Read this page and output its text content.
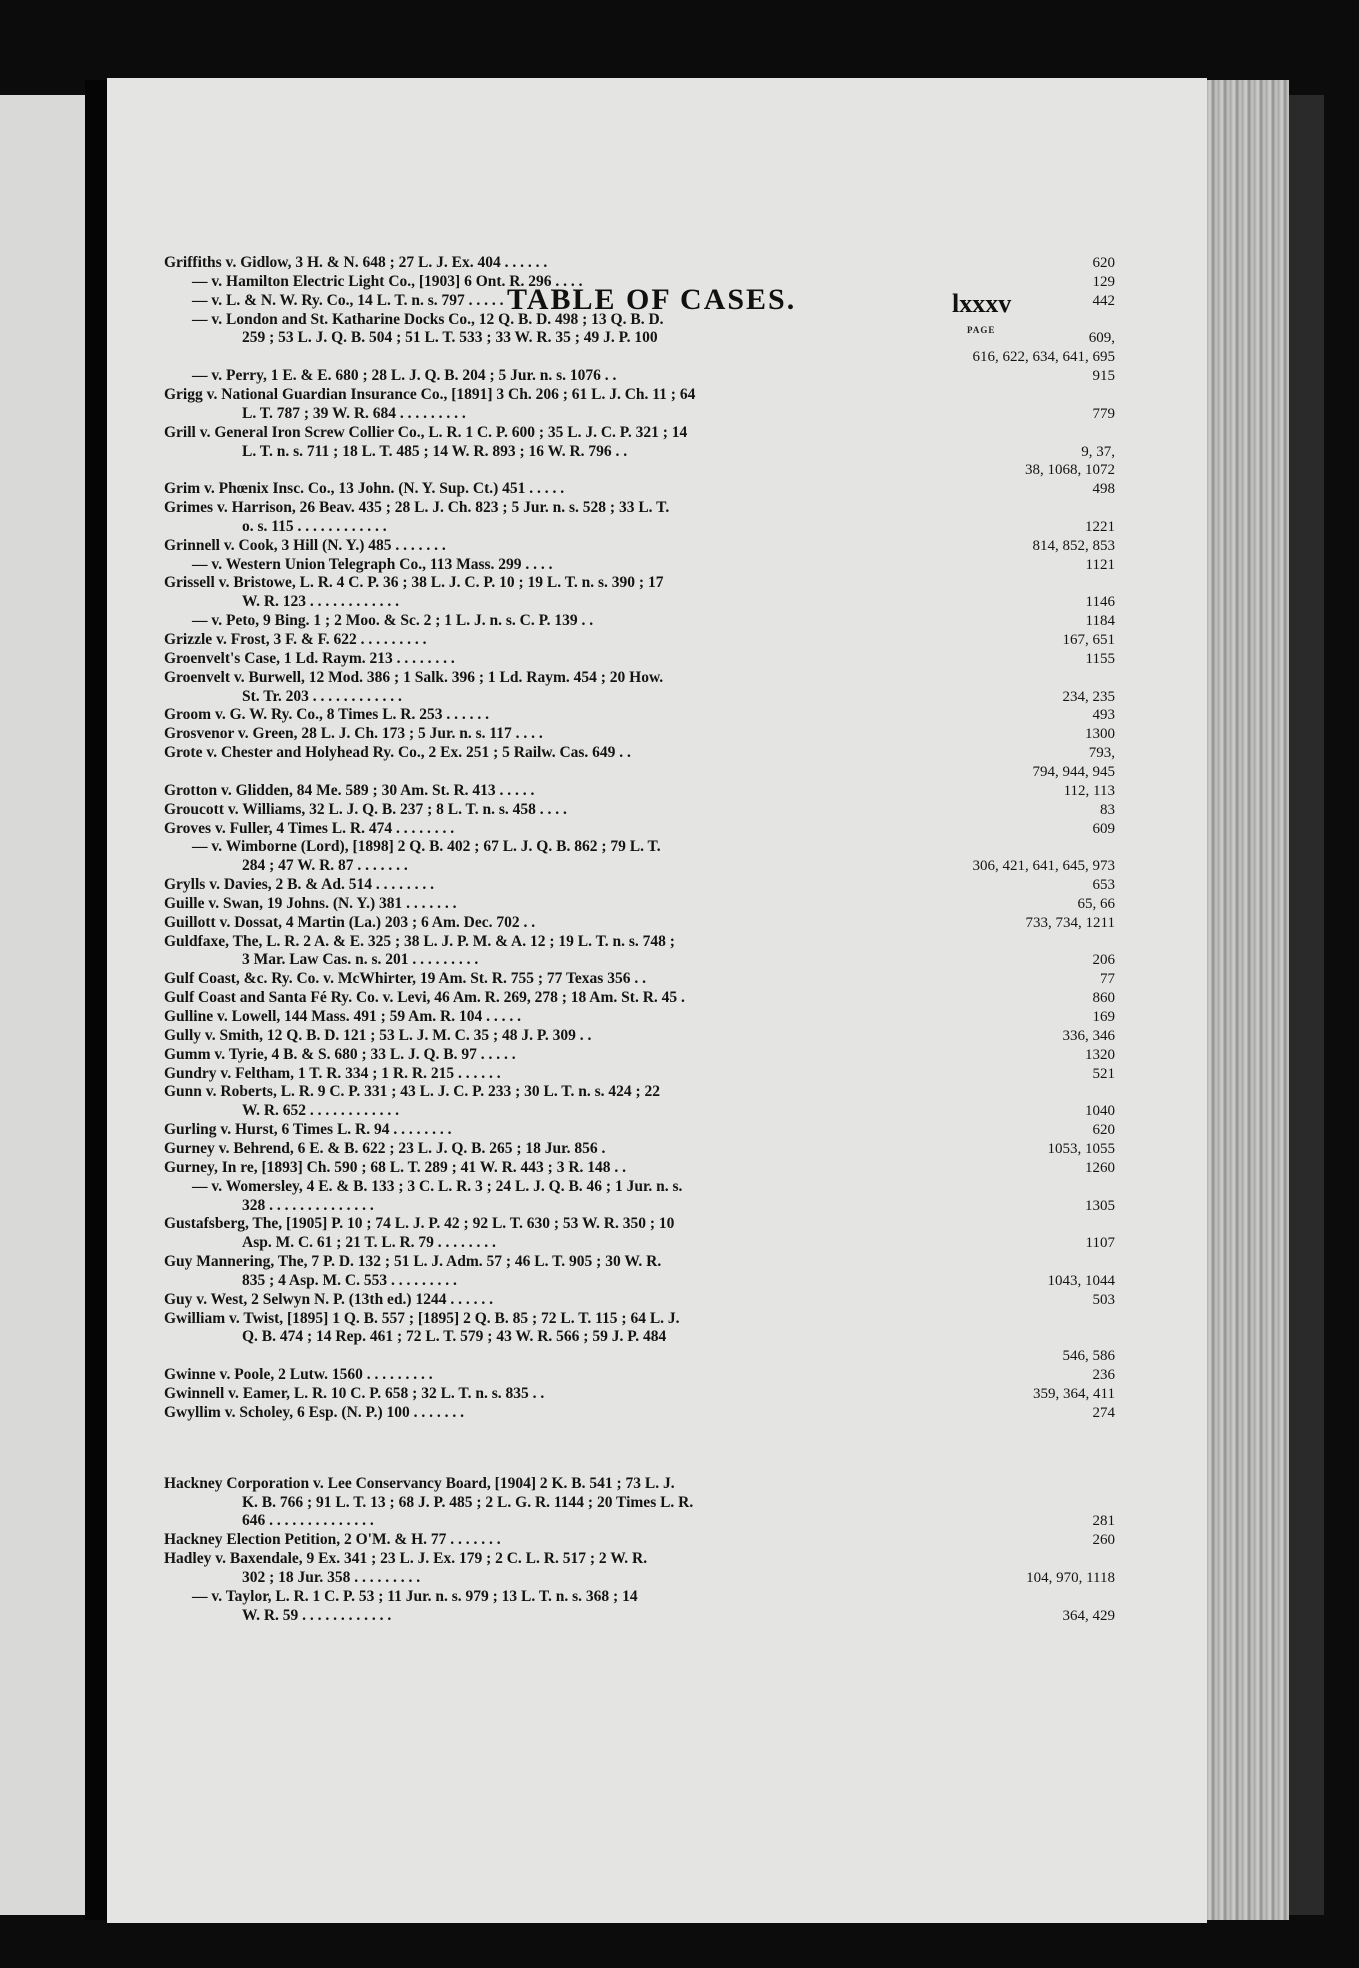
TABLE OF CASES.	lxxxv
PAGE
Griffiths v. Gidlow, 3 H. & N. 648 ; 27 L. J. Ex. 404 . . . . . .	620
— v. Hamilton Electric Light Co., [1903] 6 Ont. R. 296 . . . .	129
— v. L. & N. W. Ry. Co., 14 L. T. n. s. 797 . . . . .	442
— v. London and St. Katharine Docks Co., 12 Q. B. D. 498 ; 13 Q. B. D.
259 ; 53 L. J. Q. B. 504 ; 51 L. T. 533 ; 33 W. R. 35 ; 49 J. P. 100	609,
616, 622, 634, 641, 695
— v. Perry, 1 E. & E. 680 ; 28 L. J. Q. B. 204 ; 5 Jur. n. s. 1076 . .	915
Grigg v. National Guardian Insurance Co., [1891] 3 Ch. 206 ; 61 L. J. Ch. 11 ; 64
L. T. 787 ; 39 W. R. 684 . . . . . . . . .	779
Grill v. General Iron Screw Collier Co., L. R. 1 C. P. 600 ; 35 L. J. C. P. 321 ; 14
L. T. n. s. 711 ; 18 L. T. 485 ; 14 W. R. 893 ; 16 W. R. 796 . .	9, 37,
38, 1068, 1072
Grim v. Phœnix Insc. Co., 13 John. (N. Y. Sup. Ct.) 451 . . . . .	498
Grimes v. Harrison, 26 Beav. 435 ; 28 L. J. Ch. 823 ; 5 Jur. n. s. 528 ; 33 L. T.
o. s. 115 . . . . . . . . . . . .	1221
Grinnell v. Cook, 3 Hill (N. Y.) 485 . . . . . . .	814, 852, 853
— v. Western Union Telegraph Co., 113 Mass. 299 . . . .	1121
Grissell v. Bristowe, L. R. 4 C. P. 36 ; 38 L. J. C. P. 10 ; 19 L. T. n. s. 390 ; 17
W. R. 123 . . . . . . . . . . . .	1146
— v. Peto, 9 Bing. 1 ; 2 Moo. & Sc. 2 ; 1 L. J. n. s. C. P. 139 . .	1184
Grizzle v. Frost, 3 F. & F. 622 . . . . . . . . .	167, 651
Groenvelt's Case, 1 Ld. Raym. 213 . . . . . . . .	1155
Groenvelt v. Burwell, 12 Mod. 386 ; 1 Salk. 396 ; 1 Ld. Raym. 454 ; 20 How.
St. Tr. 203 . . . . . . . . . . . .	234, 235
Groom v. G. W. Ry. Co., 8 Times L. R. 253 . . . . . .	493
Grosvenor v. Green, 28 L. J. Ch. 173 ; 5 Jur. n. s. 117 . . . .	1300
Grote v. Chester and Holyhead Ry. Co., 2 Ex. 251 ; 5 Railw. Cas. 649 . .	793,
794, 944, 945
Grotton v. Glidden, 84 Me. 589 ; 30 Am. St. R. 413 . . . . .	112, 113
Groucott v. Williams, 32 L. J. Q. B. 237 ; 8 L. T. n. s. 458 . . . .	83
Groves v. Fuller, 4 Times L. R. 474 . . . . . . . .	609
— v. Wimborne (Lord), [1898] 2 Q. B. 402 ; 67 L. J. Q. B. 862 ; 79 L. T.
284 ; 47 W. R. 87 . . . . . . .	306, 421, 641, 645, 973
Grylls v. Davies, 2 B. & Ad. 514 . . . . . . . .	653
Guille v. Swan, 19 Johns. (N. Y.) 381 . . . . . . .	65, 66
Guillott v. Dossat, 4 Martin (La.) 203 ; 6 Am. Dec. 702 . .	733, 734, 1211
Guldfaxe, The, L. R. 2 A. & E. 325 ; 38 L. J. P. M. & A. 12 ; 19 L. T. n. s. 748 ;
3 Mar. Law Cas. n. s. 201 . . . . . . . . .	206
Gulf Coast, &c. Ry. Co. v. McWhirter, 19 Am. St. R. 755 ; 77 Texas 356 . .	77
Gulf Coast and Santa Fé Ry. Co. v. Levi, 46 Am. R. 269, 278 ; 18 Am. St. R. 45 .	860
Gulline v. Lowell, 144 Mass. 491 ; 59 Am. R. 104 . . . . .	169
Gully v. Smith, 12 Q. B. D. 121 ; 53 L. J. M. C. 35 ; 48 J. P. 309 . .	336, 346
Gumm v. Tyrie, 4 B. & S. 680 ; 33 L. J. Q. B. 97 . . . . .	1320
Gundry v. Feltham, 1 T. R. 334 ; 1 R. R. 215 . . . . . .	521
Gunn v. Roberts, L. R. 9 C. P. 331 ; 43 L. J. C. P. 233 ; 30 L. T. n. s. 424 ; 22
W. R. 652 . . . . . . . . . . . .	1040
Gurling v. Hurst, 6 Times L. R. 94 . . . . . . . .	620
Gurney v. Behrend, 6 E. & B. 622 ; 23 L. J. Q. B. 265 ; 18 Jur. 856 .	1053, 1055
Gurney, In re, [1893] Ch. 590 ; 68 L. T. 289 ; 41 W. R. 443 ; 3 R. 148 . .	1260
— v. Womersley, 4 E. & B. 133 ; 3 C. L. R. 3 ; 24 L. J. Q. B. 46 ; 1 Jur. n. s.
328 . . . . . . . . . . . . . .	1305
Gustafsberg, The, [1905] P. 10 ; 74 L. J. P. 42 ; 92 L. T. 630 ; 53 W. R. 350 ; 10
Asp. M. C. 61 ; 21 T. L. R. 79 . . . . . . . .	1107
Guy Mannering, The, 7 P. D. 132 ; 51 L. J. Adm. 57 ; 46 L. T. 905 ; 30 W. R.
835 ; 4 Asp. M. C. 553 . . . . . . . . .	1043, 1044
Guy v. West, 2 Selwyn N. P. (13th ed.) 1244 . . . . . .	503
Gwilliam v. Twist, [1895] 1 Q. B. 557 ; [1895] 2 Q. B. 85 ; 72 L. T. 115 ; 64 L. J.
Q. B. 474 ; 14 Rep. 461 ; 72 L. T. 579 ; 43 W. R. 566 ; 59 J. P. 484
546, 586
Gwinne v. Poole, 2 Lutw. 1560 . . . . . . . . .	236
Gwinnell v. Eamer, L. R. 10 C. P. 658 ; 32 L. T. n. s. 835 . .	359, 364, 411
Gwyllim v. Scholey, 6 Esp. (N. P.) 100 . . . . . . .	274
Hackney Corporation v. Lee Conservancy Board, [1904] 2 K. B. 541 ; 73 L. J.
K. B. 766 ; 91 L. T. 13 ; 68 J. P. 485 ; 2 L. G. R. 1144 ; 20 Times L. R.
646 . . . . . . . . . . . . . .	281
Hackney Election Petition, 2 O'M. & H. 77 . . . . . . .	260
Hadley v. Baxendale, 9 Ex. 341 ; 23 L. J. Ex. 179 ; 2 C. L. R. 517 ; 2 W. R.
302 ; 18 Jur. 358 . . . . . . . . .	104, 970, 1118
— v. Taylor, L. R. 1 C. P. 53 ; 11 Jur. n. s. 979 ; 13 L. T. n. s. 368 ; 14
W. R. 59 . . . . . . . . . . . .	364, 429
